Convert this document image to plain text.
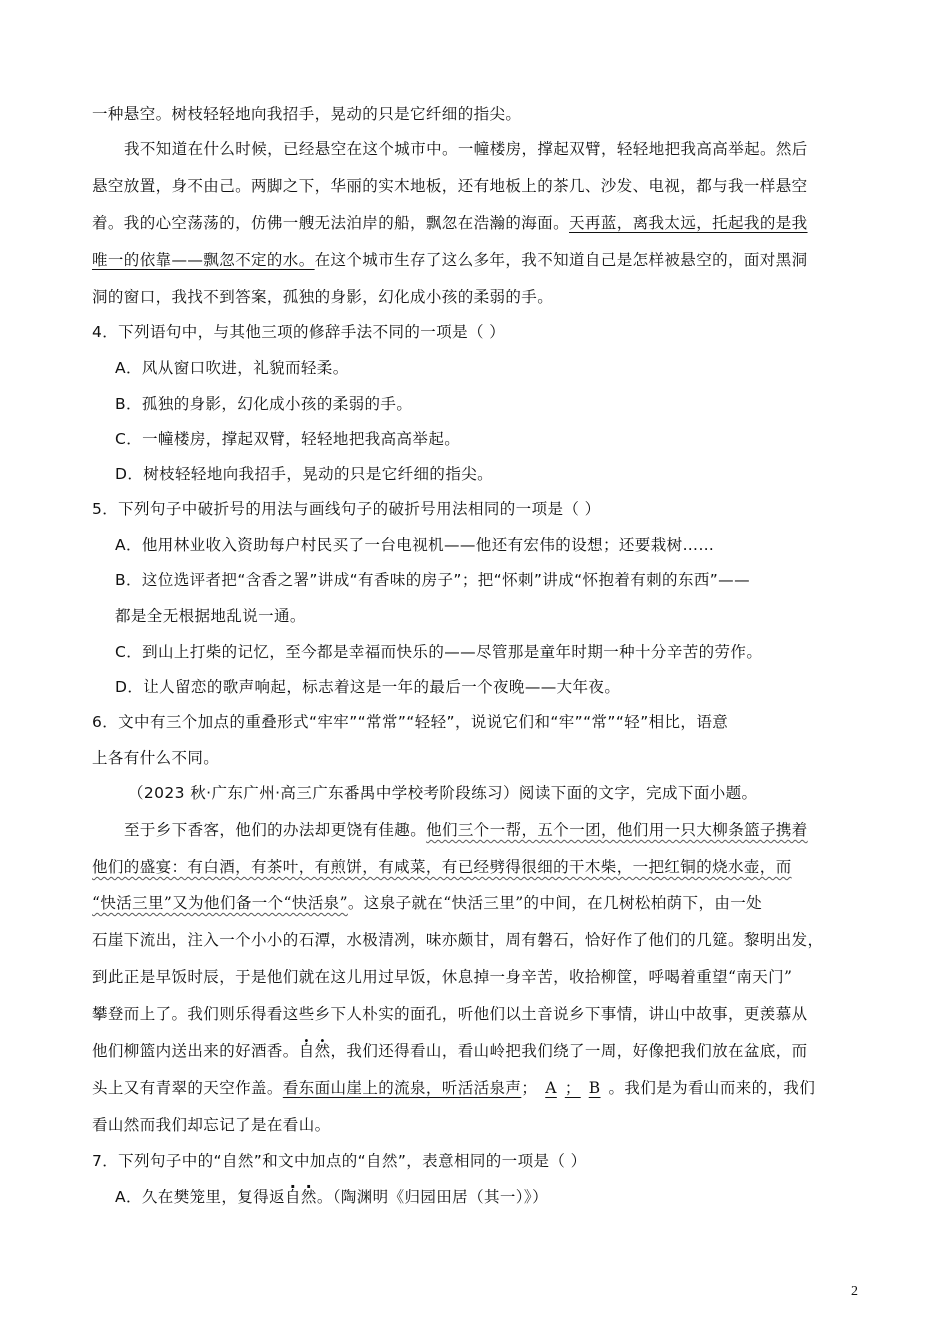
一种悬空。树枝轻轻地向我招手，晃动的只是它纤细的指尖。
我不知道在什么时候，已经悬空在这个城市中。一幢楼房，撑起双臂，轻轻地把我高高举起。然后
悬空放置，身不由己。两脚之下，华丽的实木地板，还有地板上的茶几、沙发、电视，都与我一样悬空
着。我的心空荡荡的，仿佛一艘无法泊岸的船，飘忽在浩瀚的海面。天再蓝，离我太远，托起我的是我
唯一的依靠——飘忽不定的水。在这个城市生存了这么多年，我不知道自己是怎样被悬空的，面对黑洞
洞的窗口，我找不到答案，孤独的身影，幻化成小孩的柔弱的手。
4．下列语句中，与其他三项的修辞手法不同的一项是（ ）
A．风从窗口吹进，礼貌而轻柔。
B．孤独的身影，幻化成小孩的柔弱的手。
C．一幢楼房，撑起双臂，轻轻地把我高高举起。
D．树枝轻轻地向我招手，晃动的只是它纤细的指尖。
5．下列句子中破折号的用法与画线句子的破折号用法相同的一项是（ ）
A．他用林业收入资助每户村民买了一台电视机——他还有宏伟的设想；还要栽树……
B．这位选评者把“含香之署”讲成“有香味的房子”；把“怀刺”讲成“怀抱着有刺的东西”——
都是全无根据地乱说一通。
C．到山上打柴的记忆，至今都是幸福而快乐的——尽管那是童年时期一种十分辛苦的劳作。
D．让人留恋的歌声响起，标志着这是一年的最后一个夜晚——大年夜。
6．文中有三个加点的重叠形式“牢牢”“常常”“轻轻”，说说它们和“牢”“常”“轻”相比，语意
上各有什么不同。
（2023 秋·广东广州·高三广东番禺中学校考阶段练习）阅读下面的文字，完成下面小题。
至于乡下香客，他们的办法却更饶有佳趣。他们三个一帮，五个一团，他们用一只大柳条篮子携着
他们的盛宴：有白酒，有茶叶，有煎饼，有咸菜，有已经劈得很细的干木柴，一把红铜的烧水壶，而
“快活三里”又为他们备一个“快活泉”。这泉子就在“快活三里”的中间，在几树松柏荫下，由一处
石崖下流出，注入一个小小的石潭，水极清冽，味亦颇甘，周有磐石，恰好作了他们的几筵。黎明出发，
到此正是早饭时辰，于是他们就在这儿用过早饭，休息掉一身辛苦，收拾柳筐，呼喝着重望“南天门”
攀登而上了。我们则乐得看这些乡下人朴实的面孔，听他们以土音说乡下事情，讲山中故事，更羡慕从
他们柳篮内送出来的好酒香。自然，我们还得看山，看山岭把我们绕了一周，好像把我们放在盆底，而
头上又有青翠的天空作盖。看东面山崖上的流泉，听活活泉声； A ； B 。我们是为看山而来的，我们
看山然而我们却忘记了是在看山。
7．下列句子中的“自然”和文中加点的“自然”，表意相同的一项是（ ）
A．久在樊笼里，复得返自然。（陶渊明《归园田居（其一）》）
2
